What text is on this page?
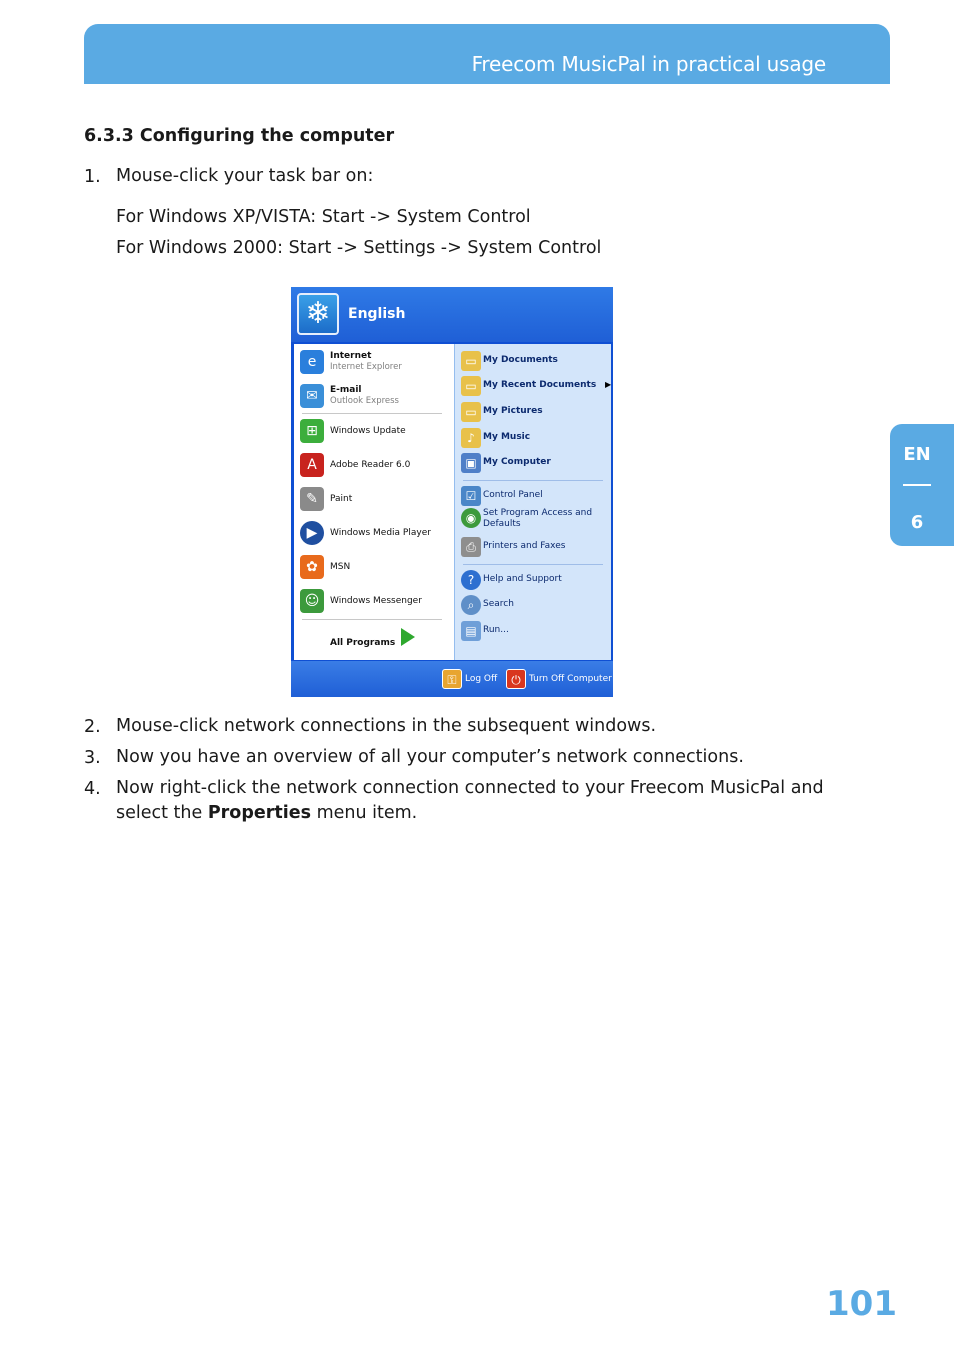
Freecom MusicPal in practical usage
EN
6
6.3.3 Configuring the computer
1. Mouse-click your task bar on:
For Windows XP/VISTA: Start -> System Control
For Windows 2000: Start -> Settings -> System Control
❄	English
e	Internet
Internet Explorer
✉	E-mail
Outlook Express
⊞	Windows Update
A	Adobe Reader 6.0
✎	Paint
▶	Windows Media Player
✿	MSN
☺	Windows Messenger
All Programs
▭ My Documents
▭ My Recent Documents ▶
▭ My Pictures
♪ My Music
▣ My Computer
☑ Control Panel
◉ Set Program Access and
Defaults
⎙ Printers and Faxes
? Help and Support
⌕ Search
▤ Run...
⚿ Log Off	⏻ Turn Off Computer
2. Mouse-click network connections in the subsequent windows.
3. Now you have an overview of all your computer’s network connections.
4. Now right-click the network connection connected to your Freecom MusicPal and select the Properties menu item.
101
